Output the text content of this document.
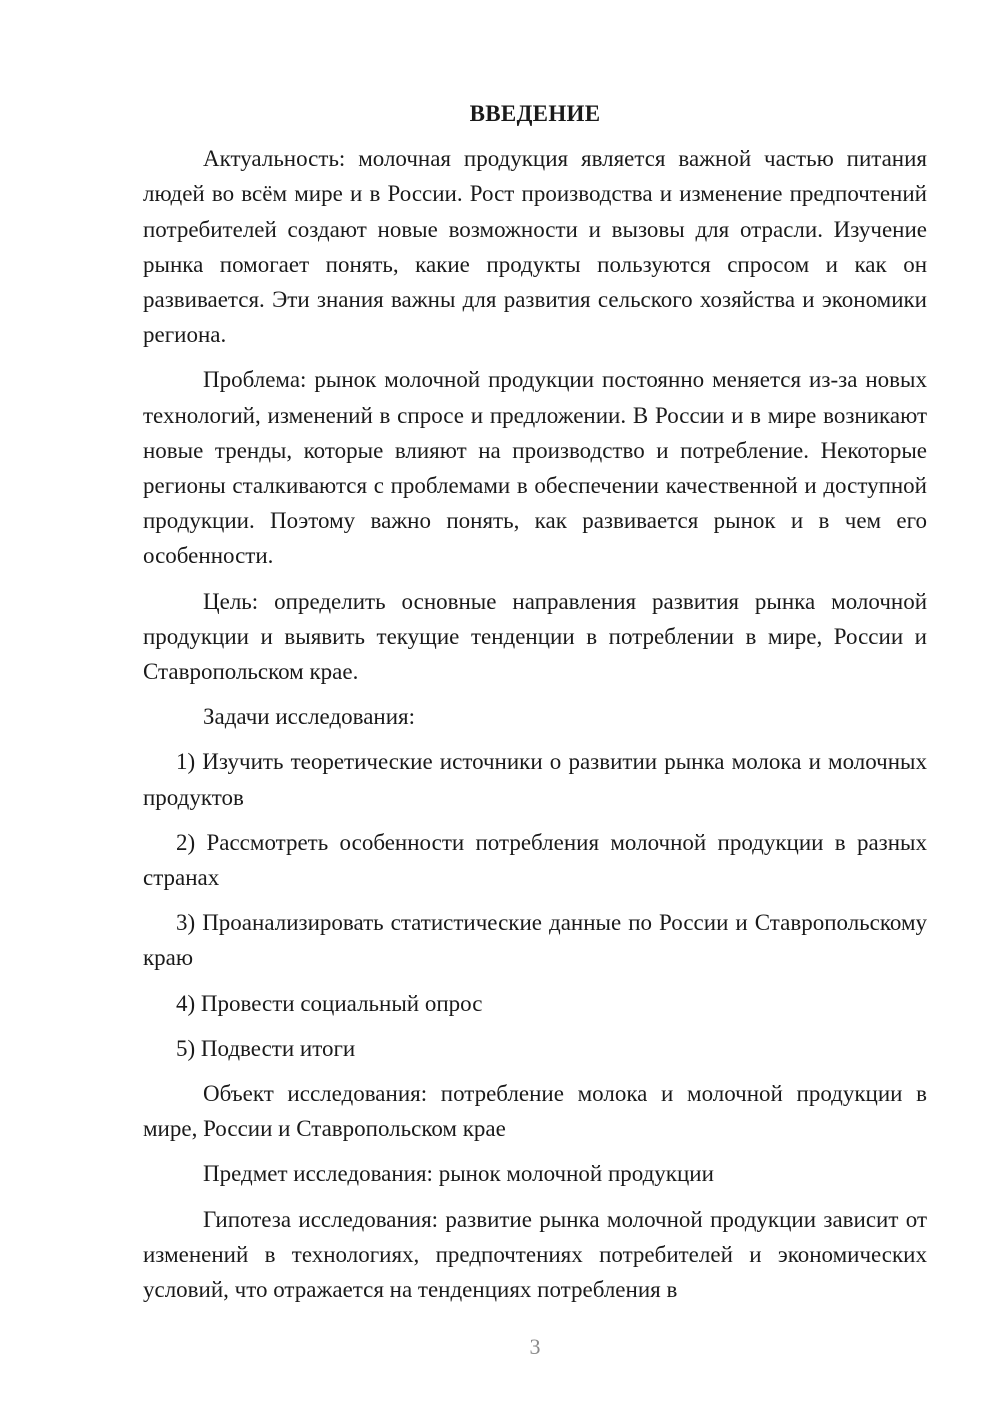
ВВЕДЕНИЕ

Актуальность: молочная продукция является важной частью питания людей во всём мире и в России. Рост производства и изменение предпочтений потребителей создают новые возможности и вызовы для отрасли. Изучение рынка помогает понять, какие продукты пользуются спросом и как он развивается. Эти знания важны для развития сельского хозяйства и экономики региона.

Проблема: рынок молочной продукции постоянно меняется из-за новых технологий, изменений в спросе и предложении. В России и в мире возникают новые тренды, которые влияют на производство и потребление. Некоторые регионы сталкиваются с проблемами в обеспечении качественной и доступной продукции. Поэтому важно понять, как развивается рынок и в чем его особенности.

Цель: определить основные направления развития рынка молочной продукции и выявить текущие тенденции в потреблении в мире, России и Ставропольском крае.

Задачи исследования:

1) Изучить теоретические источники о развитии рынка молока и молочных продуктов

2) Рассмотреть особенности потребления молочной продукции в разных странах

3) Проанализировать статистические данные по России и Ставропольскому краю

4) Провести социальный опрос

5) Подвести итоги

Объект исследования: потребление молока и молочной продукции в мире, России и Ставропольском крае

Предмет исследования: рынок молочной продукции

Гипотеза исследования: развитие рынка молочной продукции зависит от изменений в технологиях, предпочтениях потребителей и экономических условий, что отражается на тенденциях потребления в

3
